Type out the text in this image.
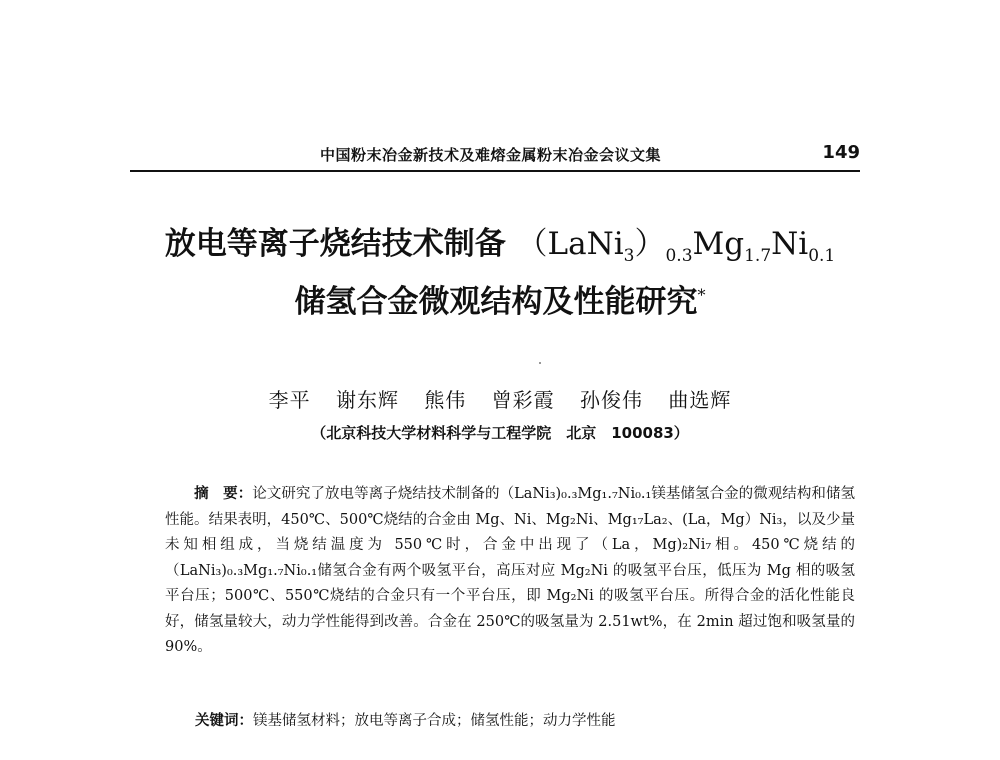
中国粉末冶金新技术及难熔金属粉末冶金会议文集	149
放电等离子烧结技术制备 $(LaNi_3)_{0.3}Mg_{1.7}Ni_{0.1}$
储氢合金微观结构及性能研究*
李平 谢东辉 熊伟 曾彩霞 孙俊伟 曲选辉
（北京科技大学材料科学与工程学院　北京　100083）

　　摘　要：论文研究了放电等离子烧结技术制备的（LaNi₃)₀.₃Mg₁.₇Ni₀.₁镁基储氢合金的微观结构和储氢性能。结果表明，450℃、500℃烧结的合金由 Mg、Ni、Mg₂Ni、Mg₁₇La₂、(La，Mg）Ni₃，以及少量未知相组成，当烧结温度为 550℃时，合金中出现了（La，Mg)₂Ni₇相。450℃烧结的（LaNi₃)₀.₃Mg₁.₇Ni₀.₁储氢合金有两个吸氢平台，高压对应 Mg₂Ni 的吸氢平台压，低压为 Mg 相的吸氢平台压；500℃、550℃烧结的合金只有一个平台压，即 Mg₂Ni 的吸氢平台压。所得合金的活化性能良好，储氢量较大，动力学性能得到改善。合金在 250℃的吸氢量为 2.51wt%，在 2min 超过饱和吸氢量的 90%。

关键词：镁基储氢材料；放电等离子合成；储氢性能；动力学性能
